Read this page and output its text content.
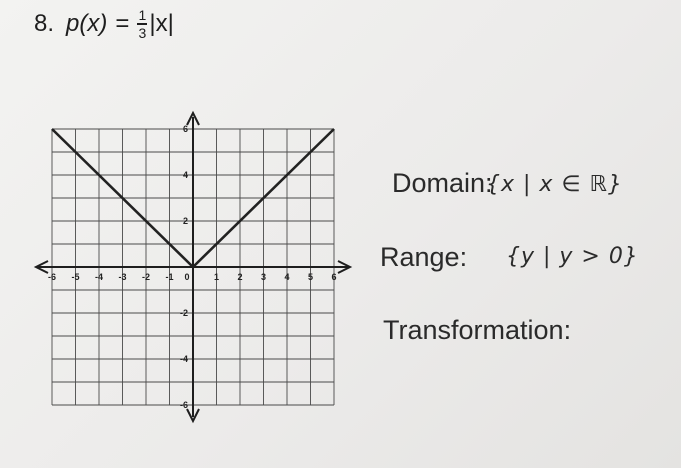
8. $p(x) = \frac{1}{3} |x|$
-6 -5 -4 -3 -2 -1 0	1 2 3 4 5 6
6
4
2
-2
-4
-6
Domain:
{x | x ∈ ℝ}
Range: {y | y > 0}
Transformation:
